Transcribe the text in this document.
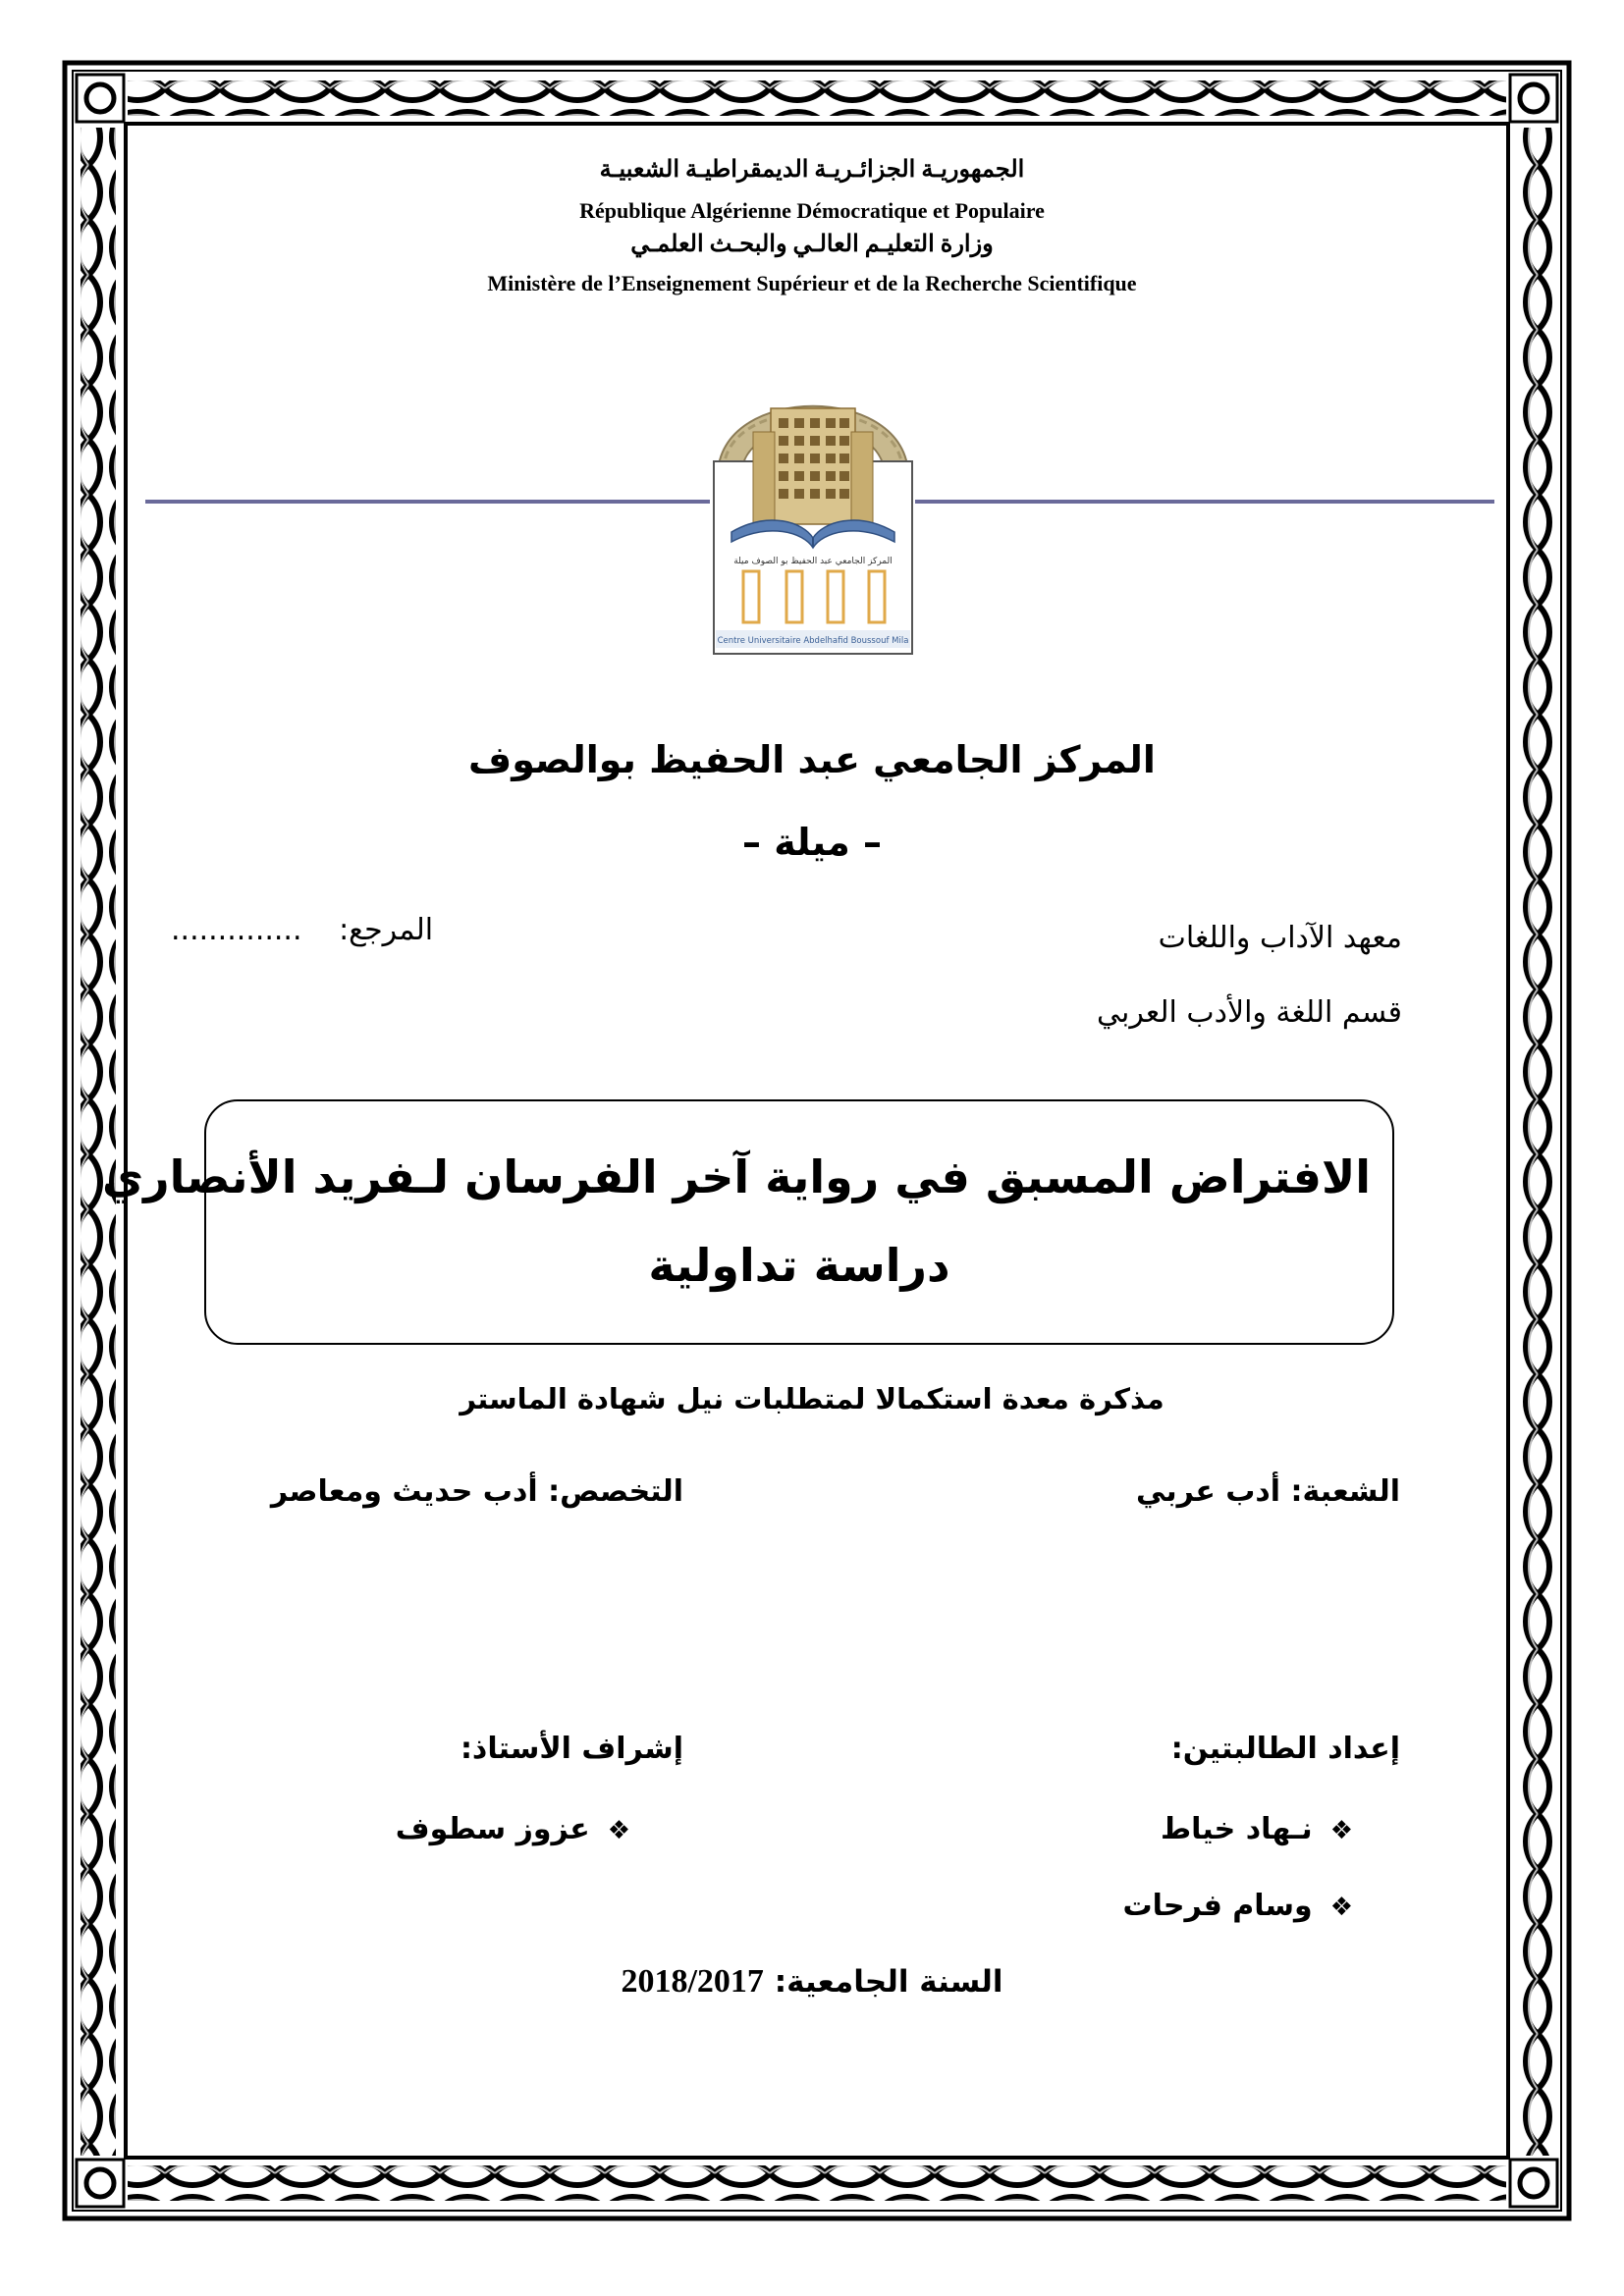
الجمهوريـة الجزائـريـة الديمقراطيـة الشعبيـة
République Algérienne Démocratique et Populaire
وزارة التعليـم العالـي والبحـث العلمـي
Ministère de l’Enseignement Supérieur et de la Recherche Scientifique
المركز الجامعي عبد الحفيظ بو الصوف ميلة
Centre Universitaire Abdelhafid Boussouf Mila
المركز الجامعي عبد الحفيظ بوالصوف
– ميلة –
معهد الآداب واللغات
.............. المرجع:
قسم اللغة والأدب العربي
الافتراض المسبق في رواية آخر الفرسان لـفريد الأنصاري
دراسة تداولية
مذكرة معدة استكمالا لمتطلبات نيل شهادة الماستر
الشعبة: أدب عربي
التخصص: أدب حديث ومعاصر
إعداد الطالبتين:
❖نـهاد خياط
❖وسام فرحات
إشراف الأستاذ:
❖عزوز سطوف
السنة الجامعية: 2018/2017
